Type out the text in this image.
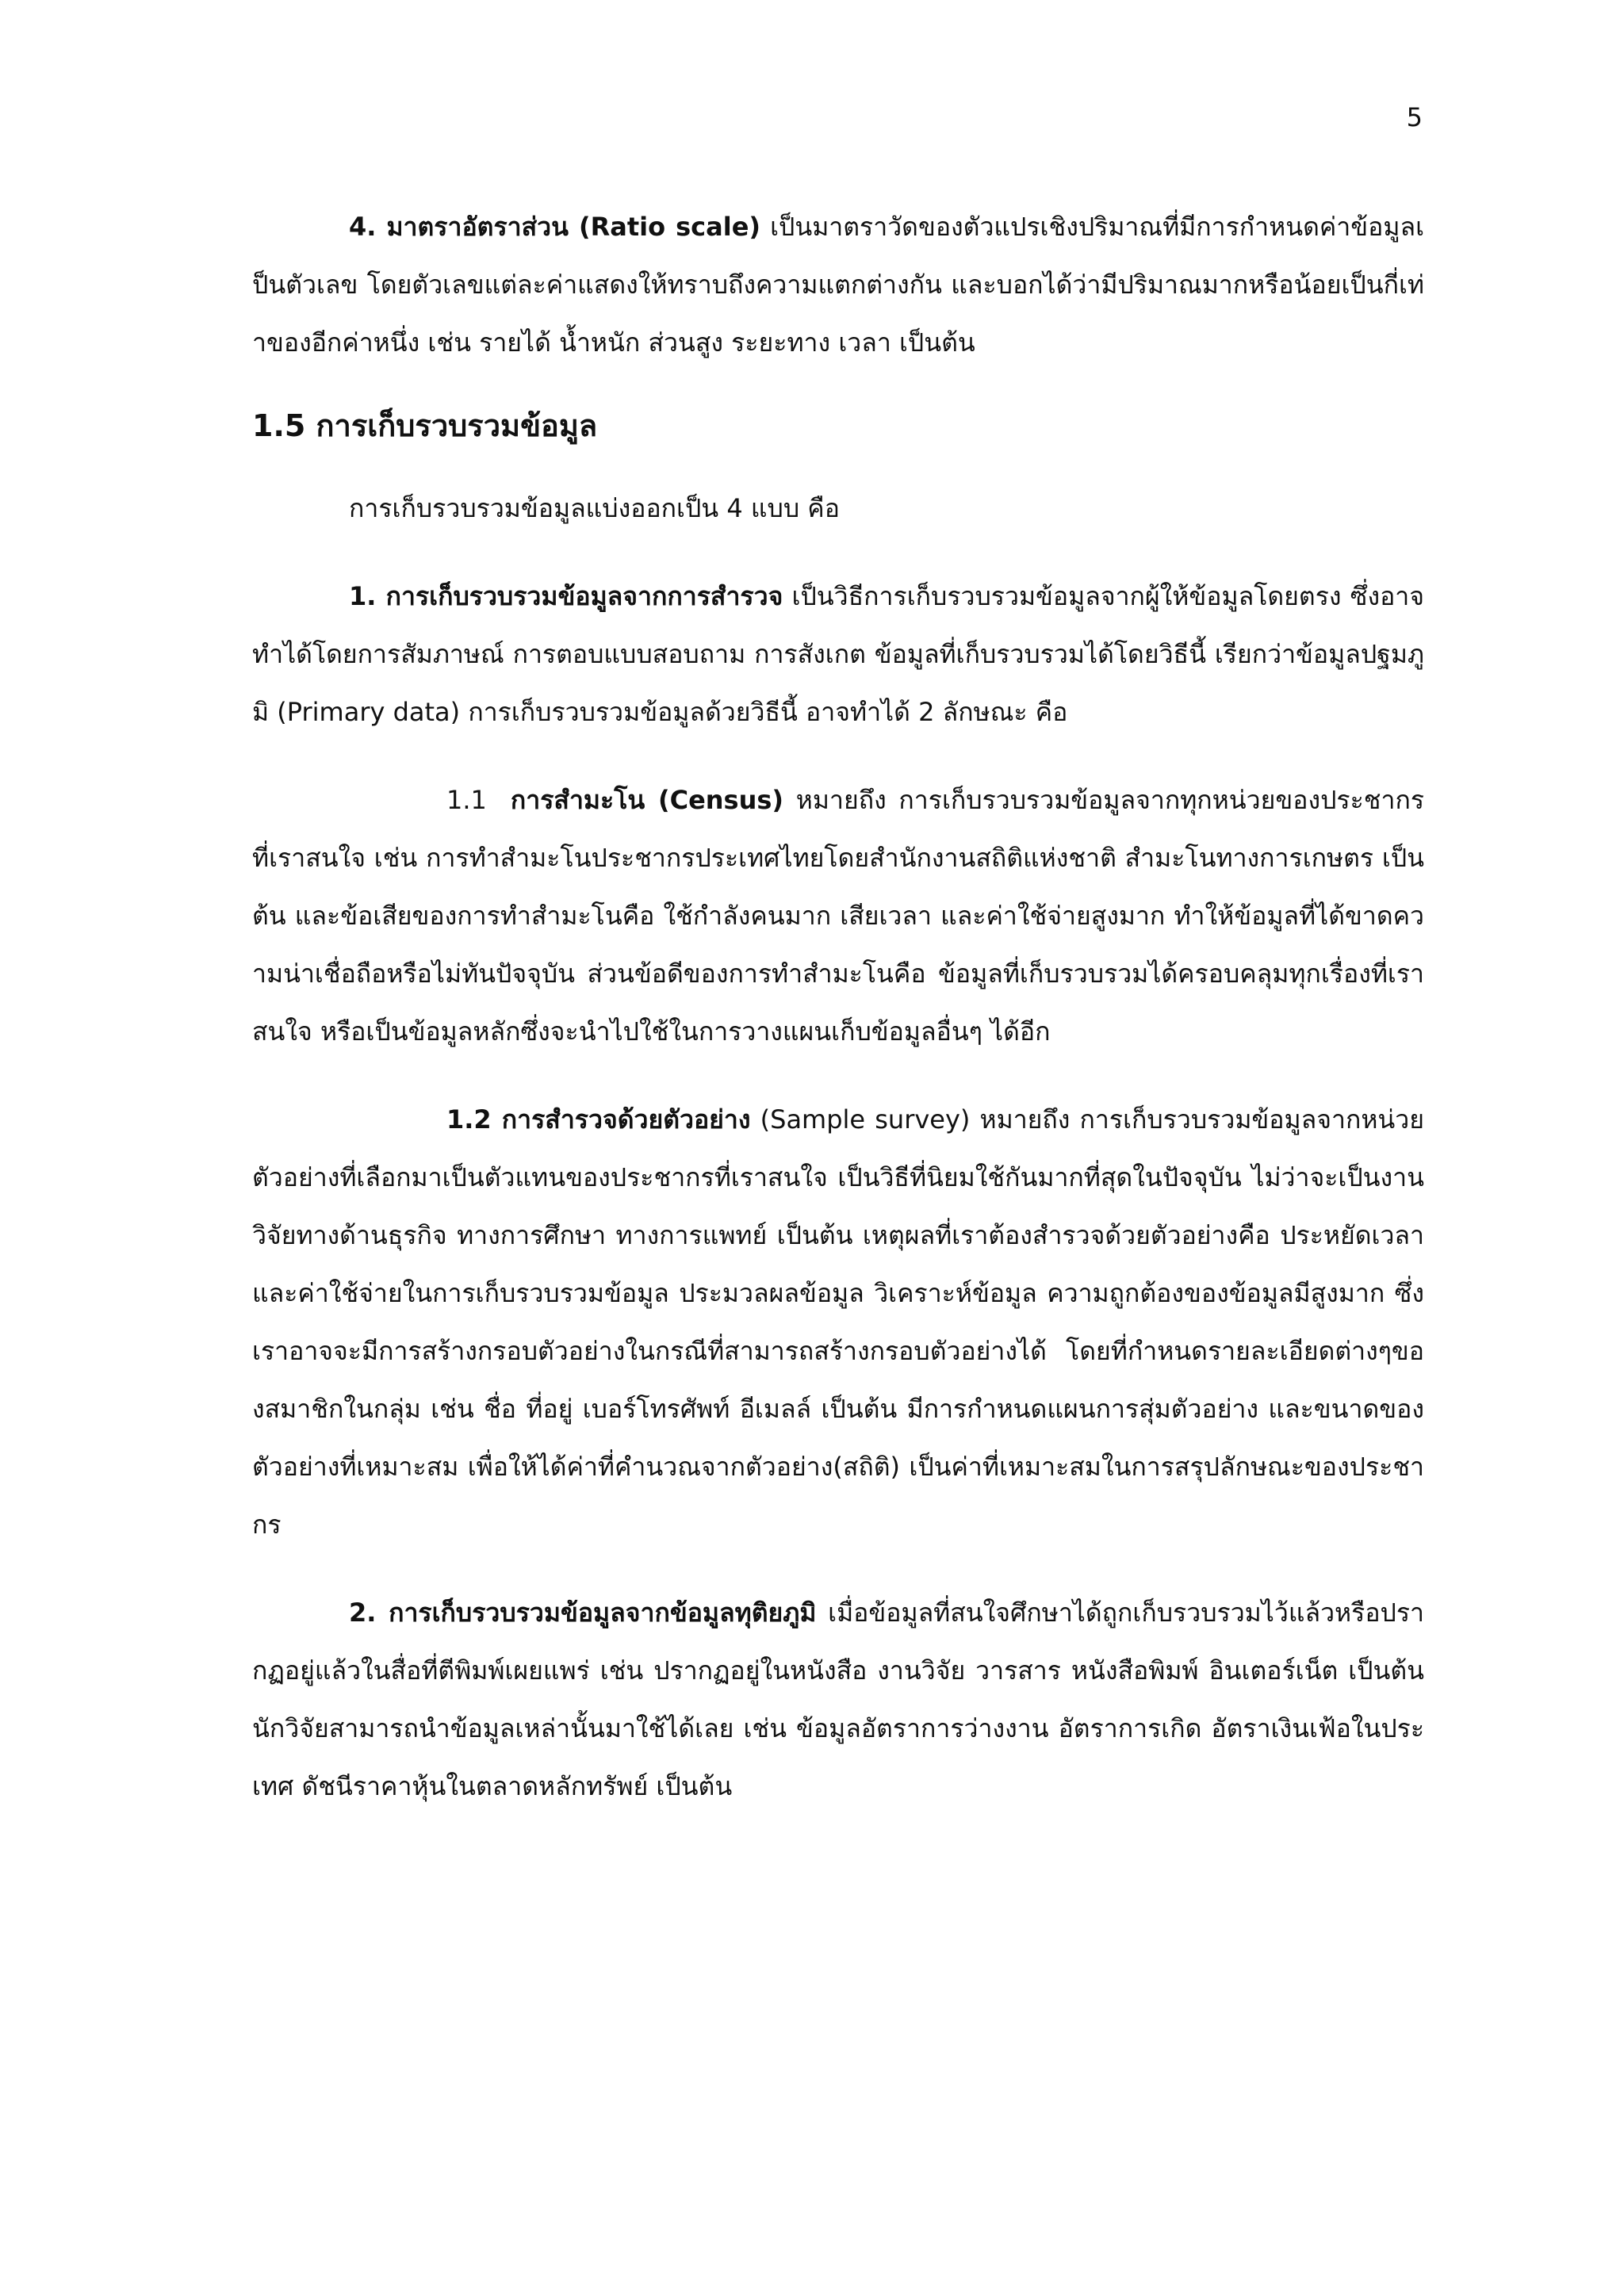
5

4. มาตราอัตราส่วน (Ratio scale) เป็นมาตราวัดของตัวแปรเชิงปริมาณที่มีการกำหนดค่าข้อมูลเป็นตัวเลข โดยตัวเลขแต่ละค่าแสดงให้ทราบถึงความแตกต่างกัน และบอกได้ว่ามีปริมาณมากหรือน้อยเป็นกี่เท่าของอีกค่าหนึ่ง เช่น รายได้ น้ำหนัก ส่วนสูง ระยะทาง เวลา เป็นต้น

1.5 การเก็บรวบรวมข้อมูล

การเก็บรวบรวมข้อมูลแบ่งออกเป็น 4 แบบ คือ

1. การเก็บรวบรวมข้อมูลจากการสำรวจ เป็นวิธีการเก็บรวบรวมข้อมูลจากผู้ให้ข้อมูลโดยตรง ซึ่งอาจทำได้โดยการสัมภาษณ์ การตอบแบบสอบถาม การสังเกต ข้อมูลที่เก็บรวบรวมได้โดยวิธีนี้ เรียกว่าข้อมูลปฐมภูมิ (Primary data) การเก็บรวบรวมข้อมูลด้วยวิธีนี้ อาจทำได้ 2 ลักษณะ คือ

1.1 การสำมะโน (Census) หมายถึง การเก็บรวบรวมข้อมูลจากทุกหน่วยของประชากรที่เราสนใจ เช่น การทำสำมะโนประชากรประเทศไทยโดยสำนักงานสถิติแห่งชาติ สำมะโนทางการเกษตร เป็นต้น และข้อเสียของการทำสำมะโนคือ ใช้กำลังคนมาก เสียเวลา และค่าใช้จ่ายสูงมาก ทำให้ข้อมูลที่ได้ขาดความน่าเชื่อถือหรือไม่ทันปัจจุบัน ส่วนข้อดีของการทำสำมะโนคือ ข้อมูลที่เก็บรวบรวมได้ครอบคลุมทุกเรื่องที่เราสนใจ หรือเป็นข้อมูลหลักซึ่งจะนำไปใช้ในการวางแผนเก็บข้อมูลอื่นๆ ได้อีก

1.2 การสำรวจด้วยตัวอย่าง (Sample survey) หมายถึง การเก็บรวบรวมข้อมูลจากหน่วยตัวอย่างที่เลือกมาเป็นตัวแทนของประชากรที่เราสนใจ เป็นวิธีที่นิยมใช้กันมากที่สุดในปัจจุบัน ไม่ว่าจะเป็นงานวิจัยทางด้านธุรกิจ ทางการศึกษา ทางการแพทย์ เป็นต้น เหตุผลที่เราต้องสำรวจด้วยตัวอย่างคือ ประหยัดเวลาและค่าใช้จ่ายในการเก็บรวบรวมข้อมูล ประมวลผลข้อมูล วิเคราะห์ข้อมูล ความถูกต้องของข้อมูลมีสูงมาก ซึ่งเราอาจจะมีการสร้างกรอบตัวอย่างในกรณีที่สามารถสร้างกรอบตัวอย่างได้ โดยที่กำหนดรายละเอียดต่างๆของสมาชิกในกลุ่ม เช่น ชื่อ ที่อยู่ เบอร์โทรศัพท์ อีเมลล์ เป็นต้น มีการกำหนดแผนการสุ่มตัวอย่าง และขนาดของตัวอย่างที่เหมาะสม เพื่อให้ได้ค่าที่คำนวณจากตัวอย่าง(สถิติ) เป็นค่าที่เหมาะสมในการสรุปลักษณะของประชากร

2. การเก็บรวบรวมข้อมูลจากข้อมูลทุติยภูมิ เมื่อข้อมูลที่สนใจศึกษาได้ถูกเก็บรวบรวมไว้แล้วหรือปรากฏอยู่แล้วในสื่อที่ตีพิมพ์เผยแพร่ เช่น ปรากฏอยู่ในหนังสือ งานวิจัย วารสาร หนังสือพิมพ์ อินเตอร์เน็ต เป็นต้น นักวิจัยสามารถนำข้อมูลเหล่านั้นมาใช้ได้เลย เช่น ข้อมูลอัตราการว่างงาน อัตราการเกิด อัตราเงินเฟ้อในประเทศ ดัชนีราคาหุ้นในตลาดหลักทรัพย์ เป็นต้น
